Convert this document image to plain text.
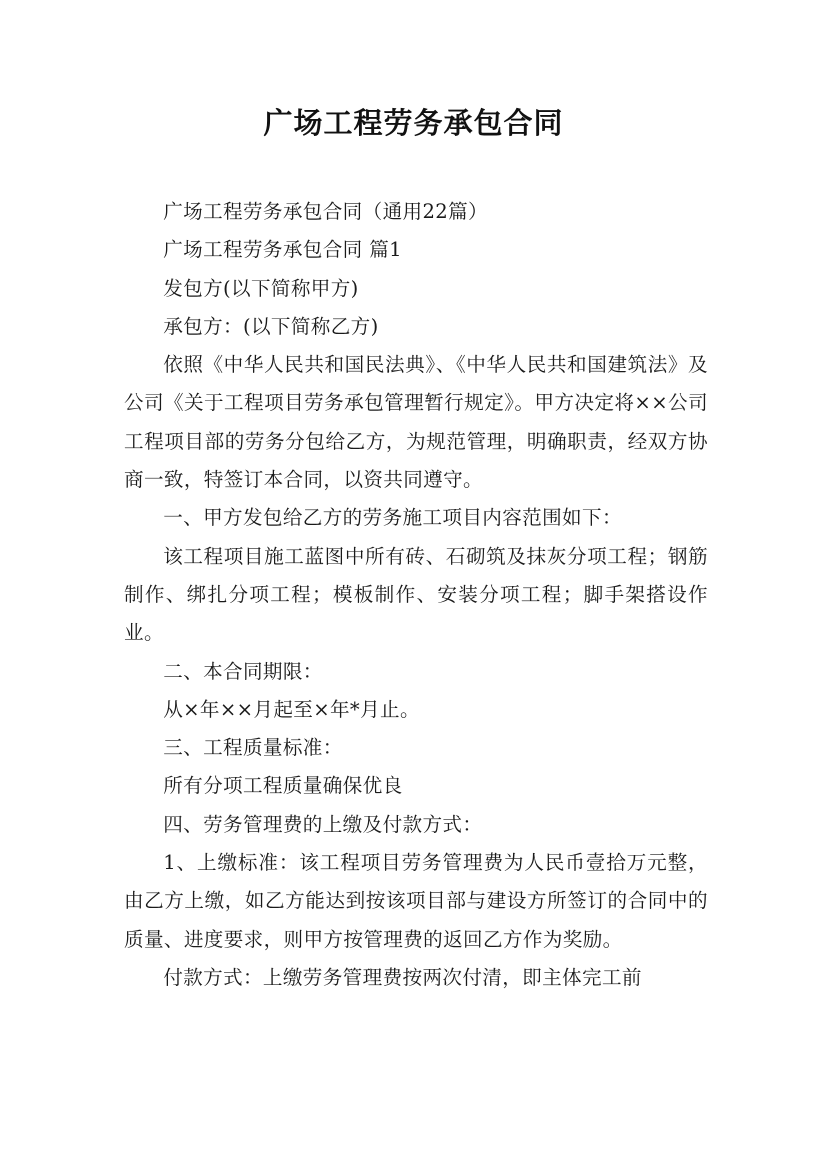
广场工程劳务承包合同

广场工程劳务承包合同（通用22篇）

广场工程劳务承包合同 篇1

发包方(以下简称甲方)

承包方：(以下简称乙方)

依照《中华人民共和国民法典》、《中华人民共和国建筑法》及公司《关于工程项目劳务承包管理暂行规定》。甲方决定将××公司工程项目部的劳务分包给乙方，为规范管理，明确职责，经双方协商一致，特签订本合同，以资共同遵守。

一、甲方发包给乙方的劳务施工项目内容范围如下：

该工程项目施工蓝图中所有砖、石砌筑及抹灰分项工程；钢筋制作、绑扎分项工程；模板制作、安装分项工程；脚手架搭设作业。

二、本合同期限：

从×年××月起至×年*月止。

三、工程质量标准：

所有分项工程质量确保优良

四、劳务管理费的上缴及付款方式：

1、上缴标准：该工程项目劳务管理费为人民币壹拾万元整，由乙方上缴，如乙方能达到按该项目部与建设方所签订的合同中的质量、进度要求，则甲方按管理费的返回乙方作为奖励。

付款方式：上缴劳务管理费按两次付清，即主体完工前
